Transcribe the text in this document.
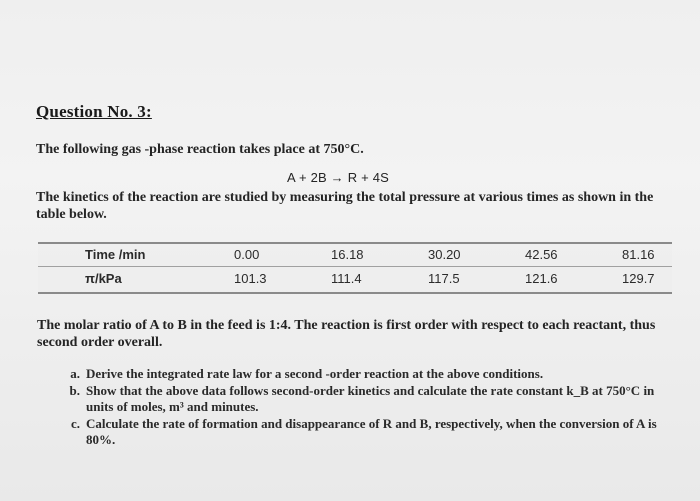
Question No. 3:
The following gas -phase reaction takes place at 750°C.
A + 2B → R + 4S
The kinetics of the reaction are studied by measuring the total pressure at various times as shown in the table below.
Time /min	0.00	16.18	30.20	42.56	81.16
π/kPa	101.3	111.4	117.5	121.6	129.7
The molar ratio of A to B in the feed is 1:4. The reaction is first order with respect to each reactant, thus second order overall.
a. Derive the integrated rate law for a second -order reaction at the above conditions.
b. Show that the above data follows second-order kinetics and calculate the rate constant k_B at 750°C in units of moles, m³ and minutes.
c. Calculate the rate of formation and disappearance of R and B, respectively, when the conversion of A is 80%.
